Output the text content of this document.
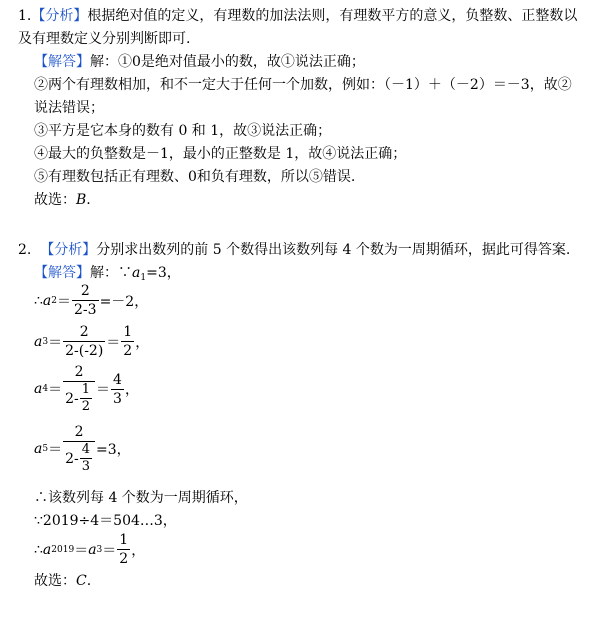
1.【分析】根据绝对值的定义，有理数的加法法则，有理数平方的意义，负整数、正整数以
及有理数定义分别判断即可.
【解答】解：①0是绝对值最小的数，故①说法正确；
②两个有理数相加，和不一定大于任何一个加数，例如：（－1）＋（－2）＝－3，故②
说法错误；
③平方是它本身的数有 0 和 1，故③说法正确；
④最大的负整数是－1，最小的正整数是 1，故④说法正确；
⑤有理数包括正有理数、0和负有理数，所以⑤错误.
故选：B.
2. 【分析】分别求出数列的前 5 个数得出该数列每 4 个数为一周期循环，据此可得答案.
【解答】解：$\because a_1=3$，
∴ a $2 = \frac{2}{2-3} =-2$，
a $3 = \frac{2}{2-(-2)} = \frac{1}{2}$ ，
a $4 = \frac{2}{2- \frac{1}{2}} = \frac{4}{3}$ ，
a $5 = \frac{2}{2- \frac{4}{3}} =3$，
∴该数列每 4 个数为一周期循环，
∵2019÷4＝504…3，
∴ a 2019 ＝ a $3 = \frac{1}{2}$ ，
故选：C.
